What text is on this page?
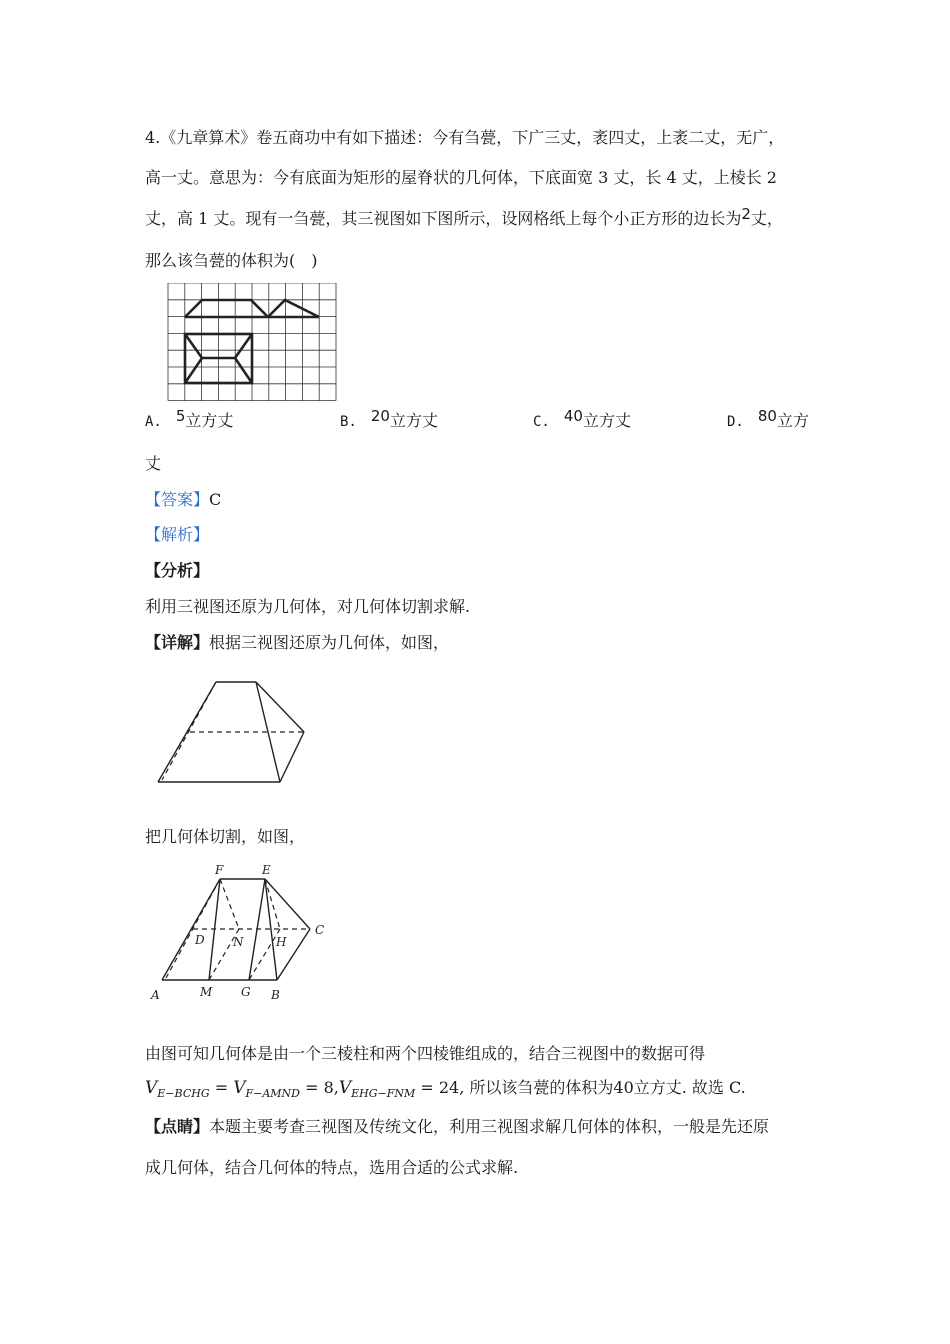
4.《九章算术》卷五商功中有如下描述：今有刍甍，下广三丈，袤四丈，上袤二丈，无广，
高一丈。意思为：今有底面为矩形的屋脊状的几何体，下底面宽 3 丈，长 4 丈，上棱长 2
丈，高 1 丈。现有一刍甍，其三视图如下图所示，设网格纸上每个小正方形的边长为2丈，
那么该刍甍的体积为(　)
A. 5立方丈	B. 20立方丈	C. 40立方丈	D. 80立方
丈
【答案】C
【解析】
【分析】
利用三视图还原为几何体，对几何体切割求解.
【详解】根据三视图还原为几何体，如图，
把几何体切割，如图，
F	E
C
D N	H
A	M G B
由图可知几何体是由一个三棱柱和两个四棱锥组成的，结合三视图中的数据可得
$V_{E-BCHG} = V_{F-AMND} = 8,V_{EHG-FNM} = 24$, 所以该刍甍的体积为40立方丈. 故选 C.
【点睛】本题主要考查三视图及传统文化，利用三视图求解几何体的体积，一般是先还原
成几何体，结合几何体的特点，选用合适的公式求解.
